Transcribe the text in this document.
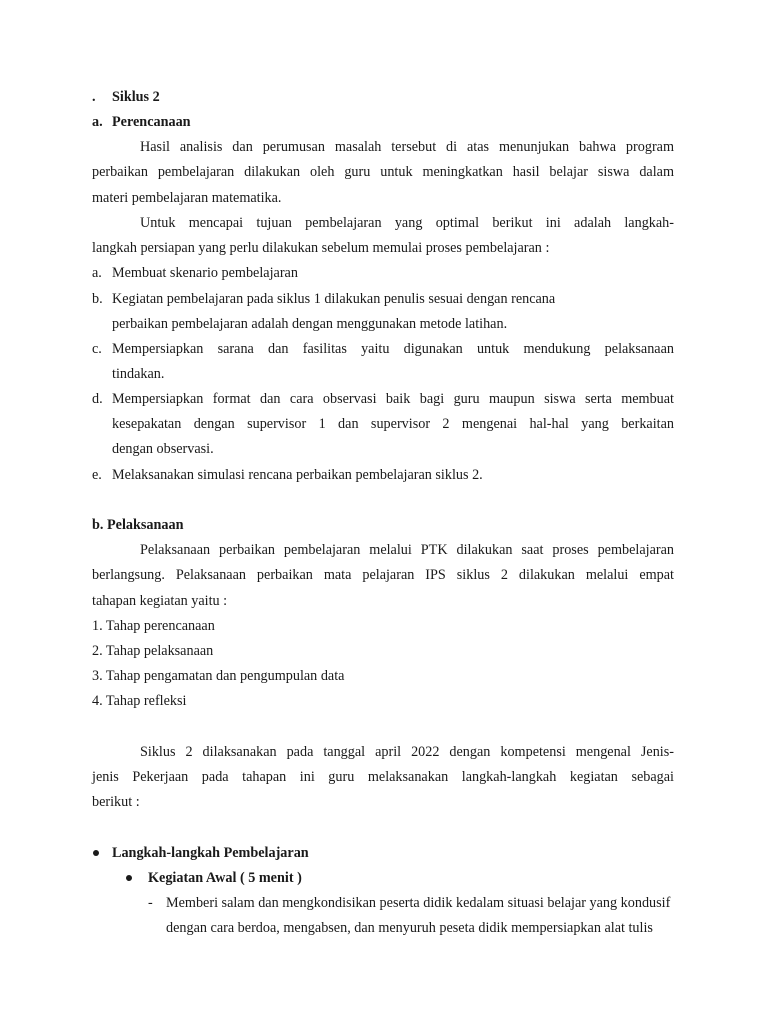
. Siklus 2
a. Perencanaan
Hasil analisis dan perumusan masalah tersebut di atas menunjukan bahwa program
perbaikan pembelajaran dilakukan oleh guru untuk meningkatkan hasil belajar siswa dalam
materi pembelajaran matematika.
Untuk mencapai tujuan pembelajaran yang optimal berikut ini adalah langkah-
langkah persiapan yang perlu dilakukan sebelum memulai proses pembelajaran :
a. Membuat skenario pembelajaran
b. Kegiatan pembelajaran pada siklus 1 dilakukan penulis sesuai dengan rencana
perbaikan pembelajaran adalah dengan menggunakan metode latihan.
c. Mempersiapkan sarana dan fasilitas yaitu digunakan untuk mendukung pelaksanaan
tindakan.
d. Mempersiapkan format dan cara observasi baik bagi guru maupun siswa serta membuat
kesepakatan dengan supervisor 1 dan supervisor 2 mengenai hal-hal yang berkaitan
dengan observasi.
e. Melaksanakan simulasi rencana perbaikan pembelajaran siklus 2.
b. Pelaksanaan
Pelaksanaan perbaikan pembelajaran melalui PTK dilakukan saat proses pembelajaran
berlangsung. Pelaksanaan perbaikan mata pelajaran IPS siklus 2 dilakukan melalui empat
tahapan kegiatan yaitu :
1. Tahap perencanaan
2. Tahap pelaksanaan
3. Tahap pengamatan dan pengumpulan data
4. Tahap refleksi
Siklus 2 dilaksanakan pada tanggal april 2022 dengan kompetensi mengenal Jenis-
jenis Pekerjaan pada tahapan ini guru melaksanakan langkah-langkah kegiatan sebagai
berikut :
Langkah-langkah Pembelajaran
Kegiatan Awal ( 5 menit )
- Memberi salam dan mengkondisikan peserta didik kedalam situasi belajar yang kondusif
dengan cara berdoa, mengabsen, dan menyuruh peseta didik mempersiapkan alat tulis
